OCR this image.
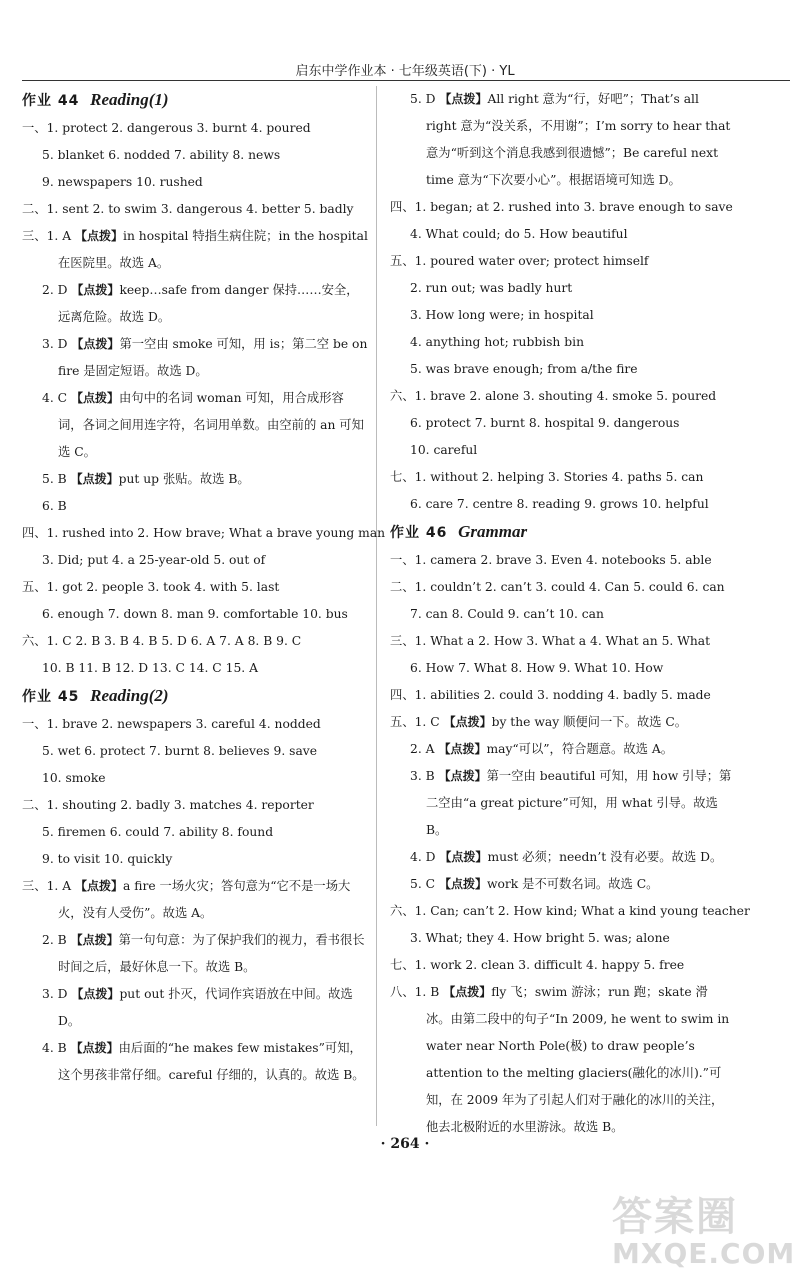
启东中学作业本 · 七年级英语(下) · YL

作业 44 Reading(1)

一、1. protect 2. dangerous 3. burnt 4. poured

5. blanket 6. nodded 7. ability 8. news

9. newspapers 10. rushed

二、1. sent 2. to swim 3. dangerous 4. better 5. badly

三、1. A 【点拨】in hospital 特指生病住院；in the hospital 在医院里。故选 A。

2. D 【点拨】keep…safe from danger 保持……安全，远离危险。故选 D。

3. D 【点拨】第一空由 smoke 可知，用 is；第二空 be on fire 是固定短语。故选 D。

4. C 【点拨】由句中的名词 woman 可知，用合成形容词，各词之间用连字符，名词用单数。由空前的 an 可知选 C。

5. B 【点拨】put up 张贴。故选 B。

6. B

四、1. rushed into 2. How brave; What a brave young man

3. Did; put 4. a 25-year-old 5. out of

五、1. got 2. people 3. took 4. with 5. last

6. enough 7. down 8. man 9. comfortable 10. bus

六、1. C 2. B 3. B 4. B 5. D 6. A 7. A 8. B 9. C

10. B 11. B 12. D 13. C 14. C 15. A

作业 45 Reading(2)

一、1. brave 2. newspapers 3. careful 4. nodded

5. wet 6. protect 7. burnt 8. believes 9. save

10. smoke

二、1. shouting 2. badly 3. matches 4. reporter

5. firemen 6. could 7. ability 8. found

9. to visit 10. quickly

三、1. A 【点拨】a fire 一场火灾；答句意为“它不是一场大火，没有人受伤”。故选 A。

2. B 【点拨】第一句句意：为了保护我们的视力，看书很长时间之后，最好休息一下。故选 B。

3. D 【点拨】put out 扑灭，代词作宾语放在中间。故选 D。

4. B 【点拨】由后面的“he makes few mistakes”可知，这个男孩非常仔细。careful 仔细的，认真的。故选 B。

5. D 【点拨】All right 意为“行，好吧”；That’s all right 意为“没关系，不用谢”；I’m sorry to hear that 意为“听到这个消息我感到很遗憾”；Be careful next time 意为“下次要小心”。根据语境可知选 D。

四、1. began; at 2. rushed into 3. brave enough to save

4. What could; do 5. How beautiful

五、1. poured water over; protect himself

2. run out; was badly hurt

3. How long were; in hospital

4. anything hot; rubbish bin

5. was brave enough; from a/the fire

六、1. brave 2. alone 3. shouting 4. smoke 5. poured

6. protect 7. burnt 8. hospital 9. dangerous

10. careful

七、1. without 2. helping 3. Stories 4. paths 5. can

6. care 7. centre 8. reading 9. grows 10. helpful

作业 46 Grammar

一、1. camera 2. brave 3. Even 4. notebooks 5. able

二、1. couldn’t 2. can’t 3. could 4. Can 5. could 6. can

7. can 8. Could 9. can’t 10. can

三、1. What a 2. How 3. What a 4. What an 5. What

6. How 7. What 8. How 9. What 10. How

四、1. abilities 2. could 3. nodding 4. badly 5. made

五、1. C 【点拨】by the way 顺便问一下。故选 C。

2. A 【点拨】may“可以”，符合题意。故选 A。

3. B 【点拨】第一空由 beautiful 可知，用 how 引导；第二空由“a great picture”可知，用 what 引导。故选 B。

4. D 【点拨】must 必须；needn’t 没有必要。故选 D。

5. C 【点拨】work 是不可数名词。故选 C。

六、1. Can; can’t 2. How kind; What a kind young teacher

3. What; they 4. How bright 5. was; alone

七、1. work 2. clean 3. difficult 4. happy 5. free

八、1. B 【点拨】fly 飞；swim 游泳；run 跑；skate 滑冰。由第二段中的句子“In 2009, he went to swim in water near North Pole(极) to draw people’s attention to the melting glaciers(融化的冰川).”可知，在 2009 年为了引起人们对于融化的冰川的关注，他去北极附近的水里游泳。故选 B。

· 264 ·
答案圈
MXQE.COM
